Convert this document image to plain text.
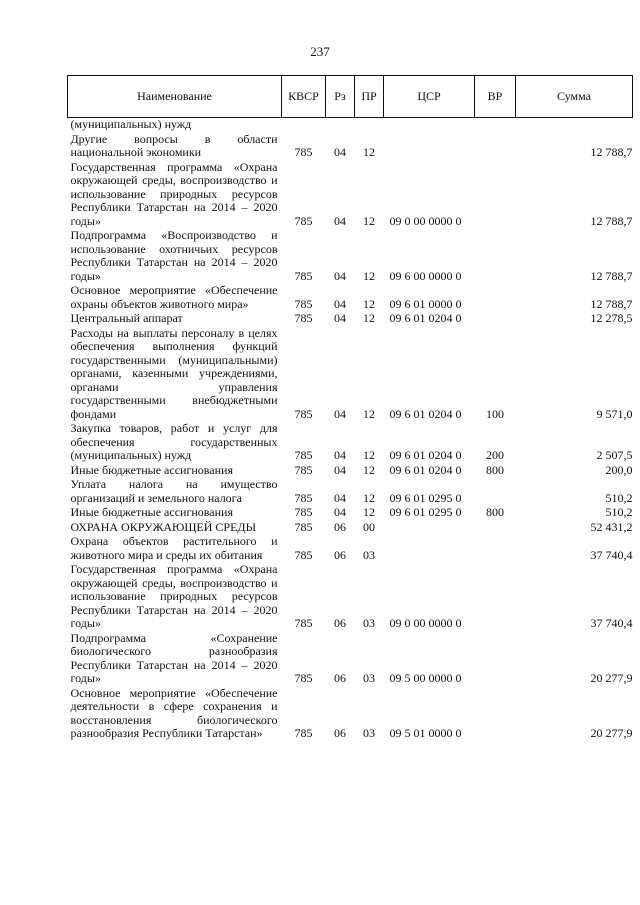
237
Наименование	КВСР	Рз	ПР	ЦСР	ВР	Сумма
(муниципальных) нужд						
Другие вопросы в области национальной экономики	785	04	12			12 788,7
Государственная программа «Охрана окружающей среды, воспроизводство и использование природных ресурсов Республики Татарстан на 2014 – 2020 годы»	785	04	12	09 0 00 0000 0		12 788,7
Подпрограмма «Воспроизводство и использование охотничьих ресурсов Республики Татарстан на 2014 – 2020 годы»	785	04	12	09 6 00 0000 0		12 788,7
Основное мероприятие «Обеспечение охраны объектов животного мира»	785	04	12	09 6 01 0000 0		12 788,7
Центральный аппарат	785	04	12	09 6 01 0204 0		12 278,5
Расходы на выплаты персоналу в целях обеспечения выполнения функций государственными (муниципальными) органами, казенными учреждениями, органами управления государственными внебюджетными фондами	785	04	12	09 6 01 0204 0	100	9 571,0
Закупка товаров, работ и услуг для обеспечения государственных (муниципальных) нужд	785	04	12	09 6 01 0204 0	200	2 507,5
Иные бюджетные ассигнования	785	04	12	09 6 01 0204 0	800	200,0
Уплата налога на имущество организаций и земельного налога	785	04	12	09 6 01 0295 0		510,2
Иные бюджетные ассигнования	785	04	12	09 6 01 0295 0	800	510,2
ОХРАНА ОКРУЖАЮЩЕЙ СРЕДЫ	785	06	00			52 431,2
Охрана объектов растительного и животного мира и среды их обитания	785	06	03			37 740,4
Государственная программа «Охрана окружающей среды, воспроизводство и использование природных ресурсов Республики Татарстан на 2014 – 2020 годы»	785	06	03	09 0 00 0000 0		37 740,4
Подпрограмма «Сохранение биологического разнообразия Республики Татарстан на 2014 – 2020 годы»	785	06	03	09 5 00 0000 0		20 277,9
Основное мероприятие «Обеспечение деятельности в сфере сохранения и восстановления биологического разнообразия Республики Татарстан»	785	06	03	09 5 01 0000 0		20 277,9
